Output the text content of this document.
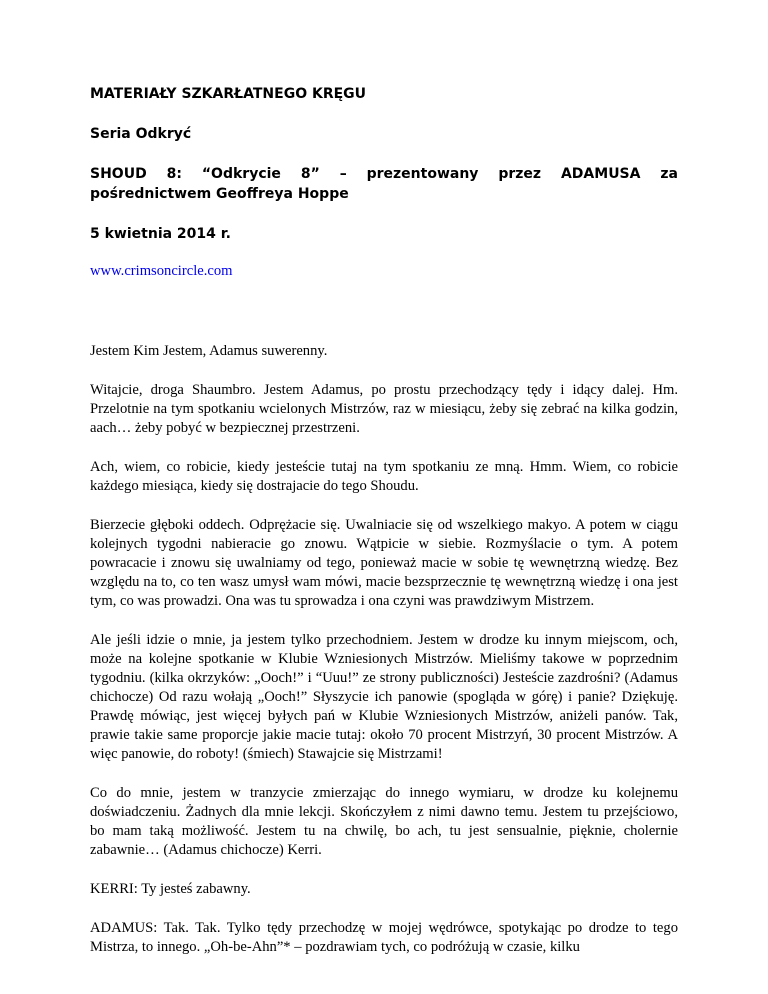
MATERIAŁY SZKARŁATNEGO KRĘGU

Seria Odkryć

SHOUD 8: “Odkrycie 8” – prezentowany przez ADAMUSA za pośrednictwem Geoffreya Hoppe

5 kwietnia 2014 r.

www.crimsoncircle.com

Jestem Kim Jestem, Adamus suwerenny.

Witajcie, droga Shaumbro. Jestem Adamus, po prostu przechodzący tędy i idący dalej. Hm. Przelotnie na tym spotkaniu wcielonych Mistrzów, raz w miesiącu, żeby się zebrać na kilka godzin, aach… żeby pobyć w bezpiecznej przestrzeni.

Ach, wiem, co robicie, kiedy jesteście tutaj na tym spotkaniu ze mną. Hmm. Wiem, co robicie każdego miesiąca, kiedy się dostrajacie do tego Shoudu.

Bierzecie głęboki oddech. Odprężacie się. Uwalniacie się od wszelkiego makyo. A potem w ciągu kolejnych tygodni nabieracie go znowu. Wątpicie w siebie. Rozmyślacie o tym. A potem powracacie i znowu się uwalniamy od tego, ponieważ macie w sobie tę wewnętrzną wiedzę. Bez względu na to, co ten wasz umysł wam mówi, macie bezsprzecznie tę wewnętrzną wiedzę i ona jest tym, co was prowadzi. Ona was tu sprowadza i ona czyni was prawdziwym Mistrzem.

Ale jeśli idzie o mnie, ja jestem tylko przechodniem. Jestem w drodze ku innym miejscom, och, może na kolejne spotkanie w Klubie Wzniesionych Mistrzów. Mieliśmy takowe w poprzednim tygodniu. (kilka okrzyków: „Ooch!” i “Uuu!” ze strony publiczności) Jesteście zazdrośni? (Adamus chichocze) Od razu wołają „Ooch!” Słyszycie ich panowie (spogląda w górę) i panie? Dziękuję. Prawdę mówiąc, jest więcej byłych pań w Klubie Wzniesionych Mistrzów, aniżeli panów. Tak, prawie takie same proporcje jakie macie tutaj: około 70 procent Mistrzyń, 30 procent Mistrzów. A więc panowie, do roboty! (śmiech) Stawajcie się Mistrzami!

Co do mnie, jestem w tranzycie zmierzając do innego wymiaru, w drodze ku kolejnemu doświadczeniu. Żadnych dla mnie lekcji. Skończyłem z nimi dawno temu. Jestem tu przejściowo, bo mam taką możliwość. Jestem tu na chwilę, bo ach, tu jest sensualnie, pięknie, cholernie zabawnie… (Adamus chichocze) Kerri.

KERRI: Ty jesteś zabawny.

ADAMUS: Tak. Tak. Tylko tędy przechodzę w mojej wędrówce, spotykając po drodze to tego Mistrza, to innego. „Oh-be-Ahn”* – pozdrawiam tych, co podróżują w czasie, kilku
